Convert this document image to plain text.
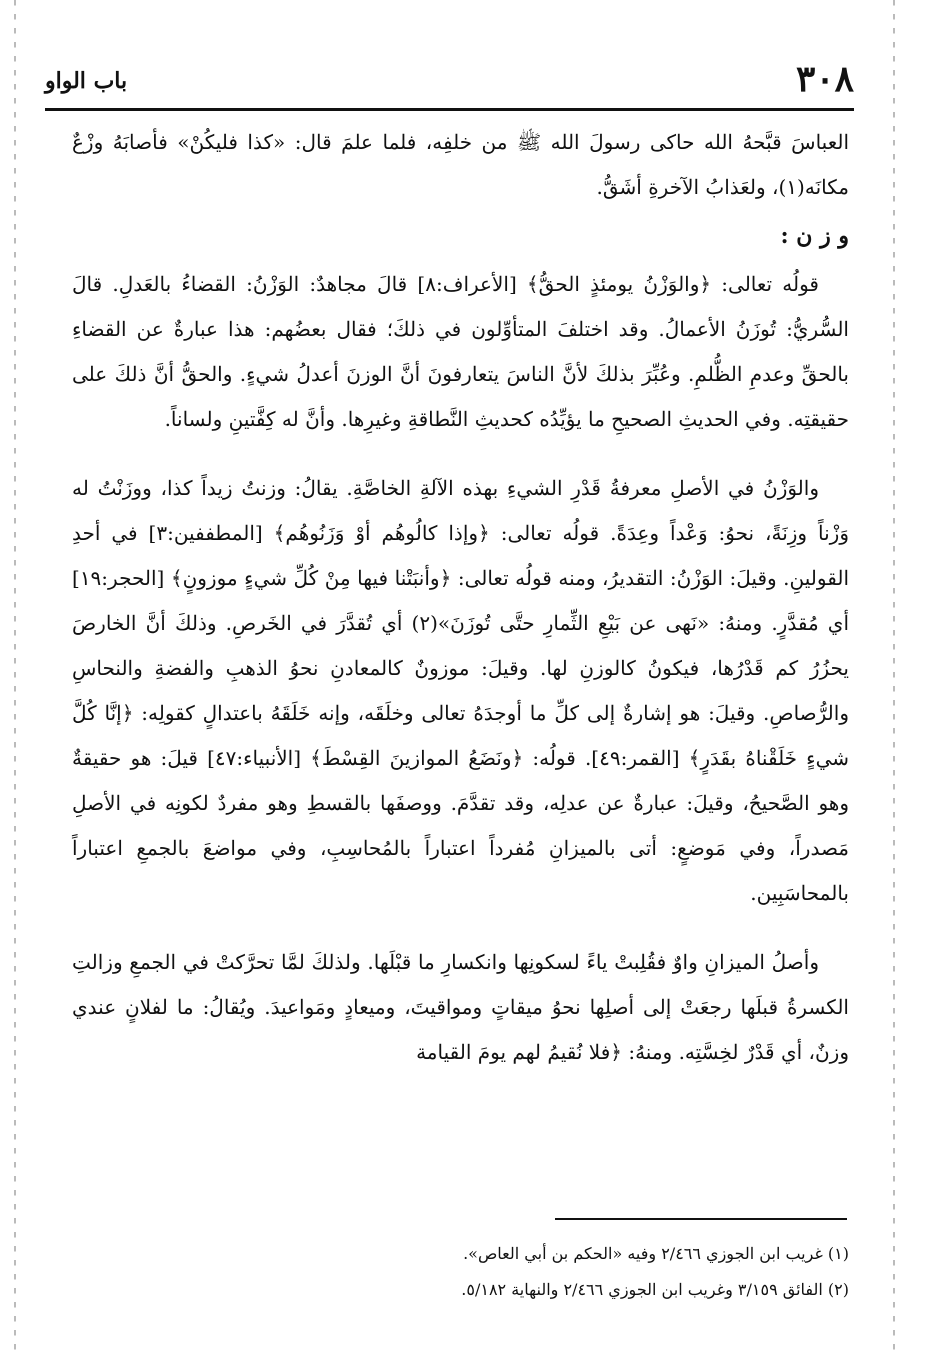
٣٠٨
باب الواو

العباسَ قبَّحهُ الله حاكى رسولَ الله ﷺ من خلفِه، فلما علمَ قال: «كذا فليكُنْ» فأصابَهُ وزْعٌ مكانَه(١)، ولعَذابُ الآخرةِ أشَقُّ.

و ز ن :

قولُه تعالى: ﴿والوَزْنُ يومئذٍ الحقُّ﴾ [الأعراف:٨] قالَ مجاهدٌ: الوَزْنُ: القضاءُ بالعَدلِ. قالَ السُّريُّ: تُوزَنُ الأعمالُ. وقد اختلفَ المتأوِّلون في ذلكَ؛ فقال بعضُهم: هذا عبارةٌ عن القضاءِ بالحقِّ وعدمِ الظُّلمِ. وعُبِّرَ بذلكَ لأنَّ الناسَ يتعارفونَ أنَّ الوزنَ أعدلُ شيءٍ. والحقُّ أنَّ ذلكَ على حقيقتِه. وفي الحديثِ الصحيحِ ما يؤيِّدُه كحديثِ النَّطاقةِ وغيرِها. وأنَّ له كِفَّتينِ ولساناً.

والوَزْنُ في الأصلِ معرفةُ قَدْرِ الشيءِ بهذه الآلةِ الخاصَّةِ. يقالُ: وزنتُ زيداً كذا، ووزَنْتُ له وَزْناً وزِنَةً، نحوُ: وَعْداً وعِدَةً. قولُه تعالى: ﴿وإذا كالُوهُم أوْ وَزَنُوهُم﴾ [المطففين:٣] في أحدِ القولينِ. وقيلَ: الوَزْنُ: التقديرُ، ومنه قولُه تعالى: ﴿وأنبَتْنا فيها مِنْ كُلِّ شيءٍ موزونٍ﴾ [الحجر:١٩] أي مُقدَّرٍ. ومنهُ: «نَهى عن بَيْعِ الثِّمارِ حتَّى تُوزَنَ»(٢) أي تُقدَّرَ في الخَرصِ. وذلكَ أنَّ الخارصَ يحزُرُ كم قَدْرُها، فيكونُ كالوزنِ لها. وقيلَ: موزونٌ كالمعادنِ نحوُ الذهبِ والفضةِ والنحاسِ والرُّصاصِ. وقيلَ: هو إشارةٌ إلى كلِّ ما أوجدَهُ تعالى وخلَقَه، وإنه خَلَقَهُ باعتدالٍ كقولِه: ﴿إنَّا كُلَّ شيءٍ خَلَقْناهُ بقَدَرٍ﴾ [القمر:٤٩]. قولُه: ﴿ونَضَعُ الموازينَ القِسْطَ﴾ [الأنبياء:٤٧] قيلَ: هو حقيقةٌ وهو الصَّحيحُ، وقيلَ: عبارةٌ عن عدلِه، وقد تقدَّمَ. ووصفَها بالقسطِ وهو مفردٌ لكونِه في الأصلِ مَصدراً، وفي مَوضعٍ: أتى بالميزانِ مُفرداً اعتباراً بالمُحاسِبِ، وفي مواضعَ بالجمعِ اعتباراً بالمحاسَبِين.

وأصلُ الميزانِ واوٌ فقُلِبتْ ياءً لسكونِها وانكسارِ ما قبْلَها. ولذلكَ لمَّا تحرَّكتْ في الجمعِ وزالتِ الكسرةُ قبلَها رجعَتْ إلى أصلِها نحوُ ميقاتٍ ومواقيتَ، وميعادٍ ومَواعيدَ. ويُقالُ: ما لفلانٍ عندي وزنٌ، أي قَدْرٌ لخِسَّتِه. ومنهُ: ﴿فلا نُقيمُ لهم يومَ القيامة

(١) غريب ابن الجوزي ٢/٤٦٦ وفيه «الحكم بن أبي العاص».

(٢) الفائق ٣/١٥٩ وغريب ابن الجوزي ٢/٤٦٦ والنهاية ٥/١٨٢.
